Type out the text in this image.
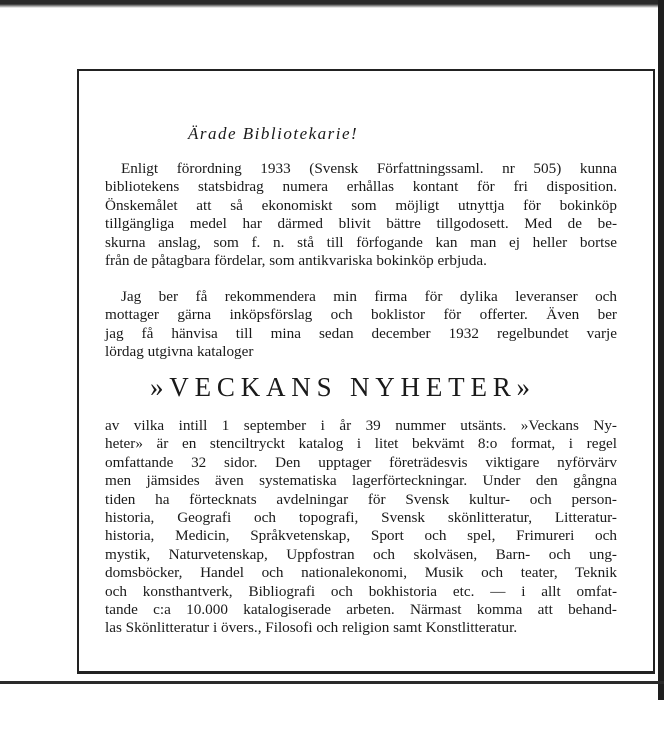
Ärade Bibliotekarie!

Enligt förordning 1933 (Svensk Författningssaml. nr 505) kunna
bibliotekens statsbidrag numera erhållas kontant för fri disposition.
Önskemålet att så ekonomiskt som möjligt utnyttja för bokinköp
tillgängliga medel har därmed blivit bättre tillgodosett. Med de be-
skurna anslag, som f. n. stå till förfogande kan man ej heller bortse
från de påtagbara fördelar, som antikvariska bokinköp erbjuda.

Jag ber få rekommendera min firma för dylika leveranser och
mottager gärna inköpsförslag och boklistor för offerter. Även ber
jag få hänvisa till mina sedan december 1932 regelbundet varje
lördag utgivna kataloger

»VECKANS NYHETER»

av vilka intill 1 september i år 39 nummer utsänts. »Veckans Ny-
heter» är en stenciltryckt katalog i litet bekvämt 8:o format, i regel
omfattande 32 sidor. Den upptager företrädesvis viktigare nyförvärv
men jämsides även systematiska lagerförteckningar. Under den gångna
tiden ha förtecknats avdelningar för Svensk kultur- och person-
historia, Geografi och topografi, Svensk skönlitteratur, Litteratur-
historia, Medicin, Språkvetenskap, Sport och spel, Frimureri och
mystik, Naturvetenskap, Uppfostran och skolväsen, Barn- och ung-
domsböcker, Handel och nationalekonomi, Musik och teater, Teknik
och konsthantverk, Bibliografi och bokhistoria etc. — i allt omfat-
tande c:a 10.000 katalogiserade arbeten. Närmast komma att behand-
las Skönlitteratur i övers., Filosofi och religion samt Konstlitteratur.
